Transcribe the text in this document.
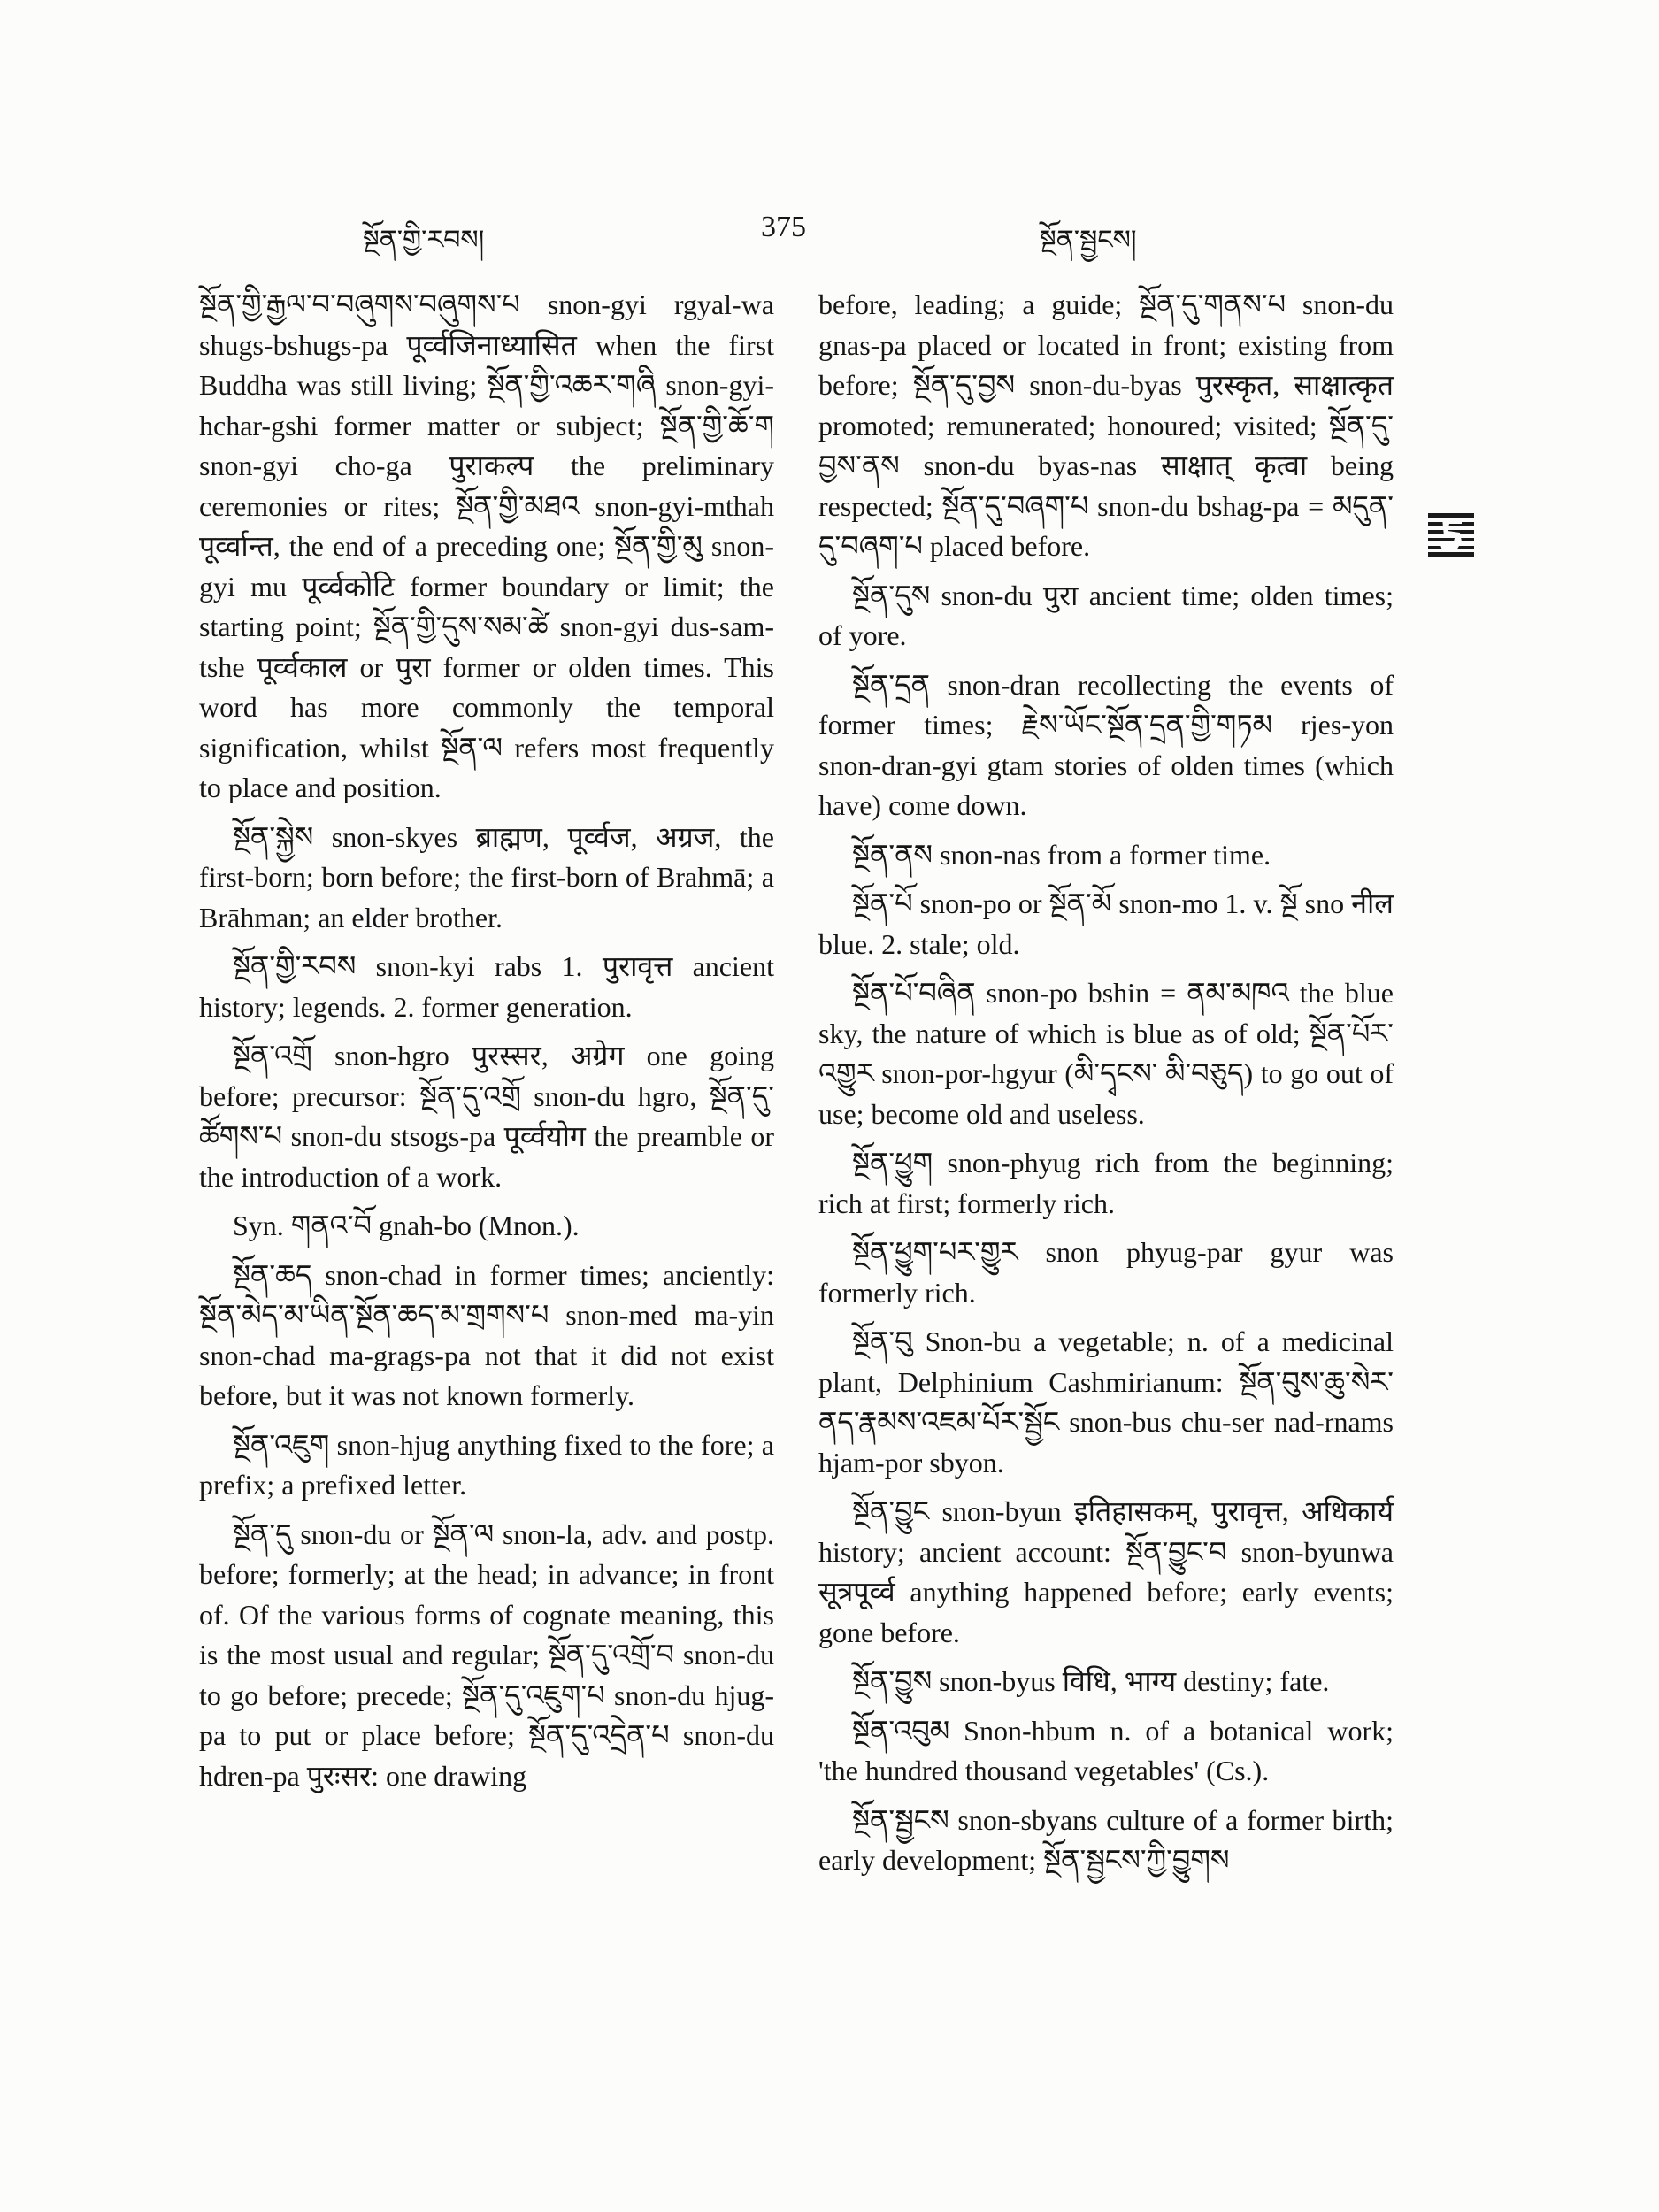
སྔོན་གྱི་རབས།	375	སྔོན་སྦྱངས།

སྔོན་གྱི་རྒྱལ་བ་བཞུགས་བཞུགས་པ snon-gyi rgyal-wa shugs-bshugs-pa पूर्व्वजिनाध्यासित when the first Buddha was still living; སྔོན་གྱི་འཆར་གཞི snon-gyi-hchar-gshi former matter or subject; སྔོན་གྱི་ཆོ་ག snon-gyi cho-ga पुराकल्प the preliminary ceremonies or rites; སྔོན་གྱི་མཐའ snon-gyi-mthah पूर्व्वान्त, the end of a preceding one; སྔོན་གྱི་མུ snon-gyi mu पूर्व्वकोटि former boundary or limit; the starting point; སྔོན་གྱི་དུས་སམ་ཚེ snon-gyi dus-sam-tshe पूर्व्वकाल or पुरा former or olden times. This word has more commonly the temporal signification, whilst སྔོན་ལ refers most frequently to place and position.

སྔོན་སྐྱེས snon-skyes ब्राह्मण, पूर्व्वज, अग्रज, the first-born; born before; the first-born of Brahmā; a Brāhman; an elder brother.

སྔོན་གྱི་རབས snon-kyi rabs 1. पुरावृत्त ancient history; legends. 2. former generation.

སྔོན་འགྲོ snon-hgro पुरस्सर, अग्रेग one going before; precursor: སྔོན་དུ་འགྲོ snon-du hgro, སྔོན་དུ་ཚོགས་པ snon-du stsogs-pa पूर्व्वयोग the preamble or the introduction of a work.

Syn. གནའ་བོ gnah-bo (Mnon.).

སྔོན་ཆད snon-chad in former times; anciently: སྔོན་མེད་མ་ཡིན་སྔོན་ཆད་མ་གྲགས་པ snon-med ma-yin snon-chad ma-grags-pa not that it did not exist before, but it was not known formerly.

སྔོན་འཇུག snon-hjug anything fixed to the fore; a prefix; a prefixed letter.

སྔོན་དུ snon-du or སྔོན་ལ snon-la, adv. and postp. before; formerly; at the head; in advance; in front of. Of the various forms of cognate meaning, this is the most usual and regular; སྔོན་དུ་འགྲོ་བ snon-du to go before; precede; སྔོན་དུ་འཇུག་པ snon-du hjug-pa to put or place before; སྔོན་དུ་འདྲེན་པ snon-du hdren-pa पुरःसर: one drawing

before, leading; a guide; སྔོན་དུ་གནས་པ snon-du gnas-pa placed or located in front; existing from before; སྔོན་དུ་བྱས snon-du-byas पुरस्कृत, साक्षात्कृत promoted; remunerated; honoured; visited; སྔོན་དུ་བྱས་ནས snon-du byas-nas साक्षात् कृत्वा being respected; སྔོན་དུ་བཞག་པ snon-du bshag-pa = མདུན་དུ་བཞག་པ placed before.

སྔོན་དུས snon-du पुरा ancient time; olden times; of yore.

སྔོན་དྲན snon-dran recollecting the events of former times; རྗེས་ཡོང་སྔོན་དྲན་གྱི་གཏམ rjes-yon snon-dran-gyi gtam stories of olden times (which have) come down.

སྔོན་ནས snon-nas from a former time.

སྔོན་པོ snon-po or སྔོན་མོ snon-mo 1. v. སྔོ sno नील blue. 2. stale; old.

སྔོན་པོ་བཞིན snon-po bshin = ནམ་མཁའ the blue sky, the nature of which is blue as of old; སྔོན་པོར་འགྱུར snon-por-hgyur (མི་དྭངས་ མི་བཅུད) to go out of use; become old and useless.

སྔོན་ཕྱུག snon-phyug rich from the beginning; rich at first; formerly rich.

སྔོན་ཕྱུག་པར་གྱུར snon phyug-par gyur was formerly rich.

སྔོན་བུ Snon-bu a vegetable; n. of a medicinal plant, Delphinium Cashmirianum: སྔོན་བུས་ཆུ་སེར་ནད་རྣམས་འཇམ་པོར་སྦྱོང snon-bus chu-ser nad-rnams hjam-por sbyon.

སྔོན་བྱུང snon-byun इतिहासकम्, पुरावृत्त, अधिकार्य history; ancient account: སྔོན་བྱུང་བ snon-byunwa सूत्रपूर्व्व anything happened before; early events; gone before.

སྔོན་བྱུས snon-byus विधि, भाग्य destiny; fate.

སྔོན་འབུམ Snon-hbum n. of a botanical work; 'the hundred thousand vegetables' (Cs.).

སྔོན་སྦྱངས snon-sbyans culture of a former birth; early development; སྔོན་སྦྱངས་ཀྱི་བྱུགས
